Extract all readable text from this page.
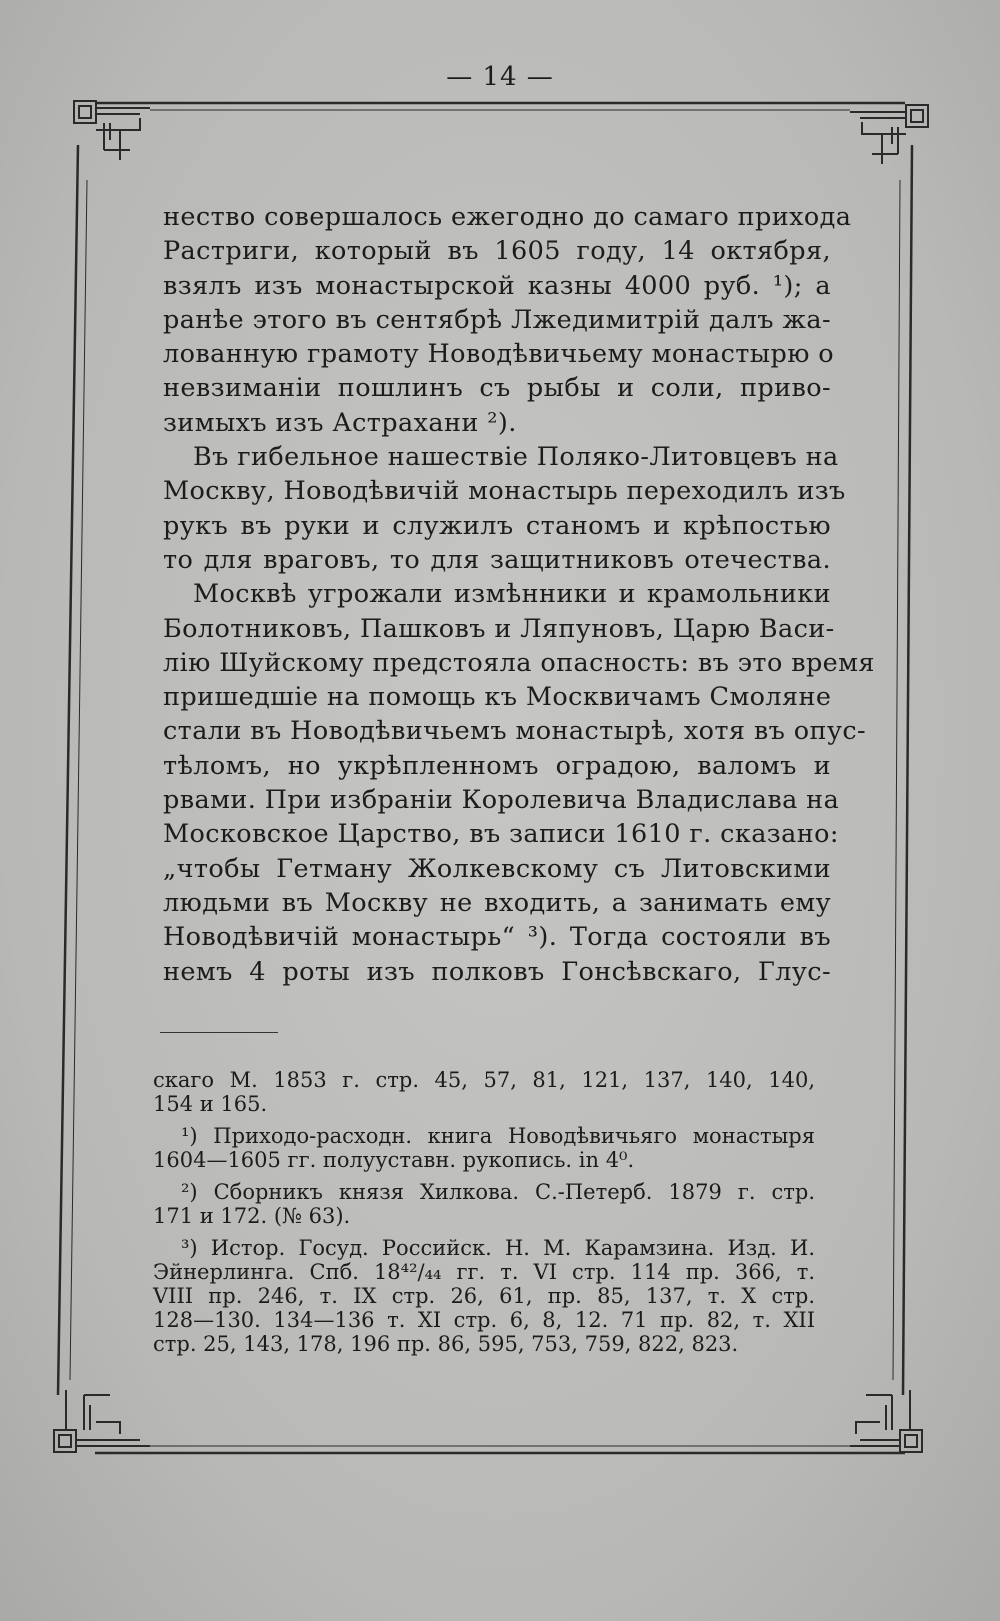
— 14 —
нество совершалось ежегодно до самаго прихода
Растриги, который въ 1605 году, 14 октября,
взялъ изъ монастырской казны 4000 руб. ¹); а
ранѣе этого въ сентябрѣ Лжедимитрій далъ жа-
лованную грамоту Новодѣвичьему монастырю о
невзиманіи пошлинъ съ рыбы и соли, приво-
зимыхъ изъ Астрахани ²).
Въ гибельное нашествіе Поляко-Литовцевъ на
Москву, Новодѣвичій монастырь переходилъ изъ
рукъ въ руки и служилъ станомъ и крѣпостью
то для враговъ, то для защитниковъ отечества.
Москвѣ угрожали измѣнники и крамольники
Болотниковъ, Пашковъ и Ляпуновъ, Царю Васи-
лію Шуйскому предстояла опасность: въ это время
пришедшіе на помощь къ Москвичамъ Смоляне
стали въ Новодѣвичьемъ монастырѣ, хотя въ опус-
тѣломъ, но укрѣпленномъ оградою, валомъ и
рвами. При избраніи Королевича Владислава на
Московское Царство, въ записи 1610 г. сказано:
„чтобы Гетману Жолкевскому съ Литовскими
людьми въ Москву не входить, а занимать ему
Новодѣвичій монастырь“ ³). Тогда состояли въ
немъ 4 роты изъ полковъ Гонсѣвскаго, Глус-
скаго М. 1853 г. стр. 45, 57, 81, 121, 137, 140, 140,
154 и 165.
¹) Приходо-расходн. книга Новодѣвичьяго монастыря
1604—1605 гг. полууставн. рукопись. in 4⁰.
²) Сборникъ князя Хилкова. С.-Петерб. 1879 г. стр.
171 и 172. (№ 63).
³) Истор. Госуд. Российск. Н. М. Карамзина. Изд. И.
Эйнерлинга. Спб. 18⁴²/₄₄ гг. т. VI стр. 114 пр. 366, т.
VIII пр. 246, т. IX стр. 26, 61, пр. 85, 137, т. X стр.
128—130. 134—136 т. XI стр. 6, 8, 12. 71 пр. 82, т. XII
стр. 25, 143, 178, 196 пр. 86, 595, 753, 759, 822, 823.
